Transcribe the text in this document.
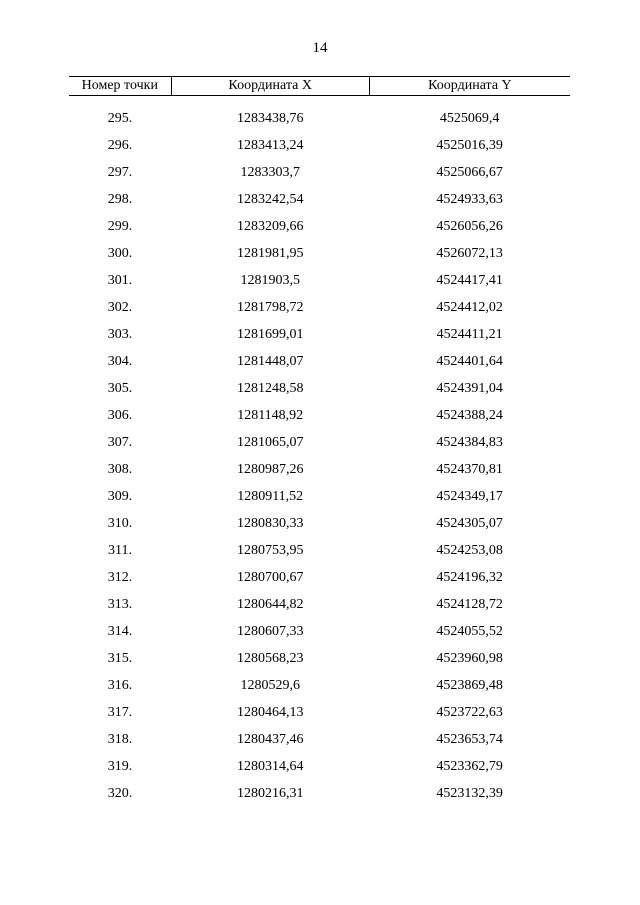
14
Номер точки	Координата X	Координата Y

295.	1283438,76	4525069,4
296.	1283413,24	4525016,39
297.	1283303,7	4525066,67
298.	1283242,54	4524933,63
299.	1283209,66	4526056,26
300.	1281981,95	4526072,13
301.	1281903,5	4524417,41
302.	1281798,72	4524412,02
303.	1281699,01	4524411,21
304.	1281448,07	4524401,64
305.	1281248,58	4524391,04
306.	1281148,92	4524388,24
307.	1281065,07	4524384,83
308.	1280987,26	4524370,81
309.	1280911,52	4524349,17
310.	1280830,33	4524305,07
311.	1280753,95	4524253,08
312.	1280700,67	4524196,32
313.	1280644,82	4524128,72
314.	1280607,33	4524055,52
315.	1280568,23	4523960,98
316.	1280529,6	4523869,48
317.	1280464,13	4523722,63
318.	1280437,46	4523653,74
319.	1280314,64	4523362,79
320.	1280216,31	4523132,39
